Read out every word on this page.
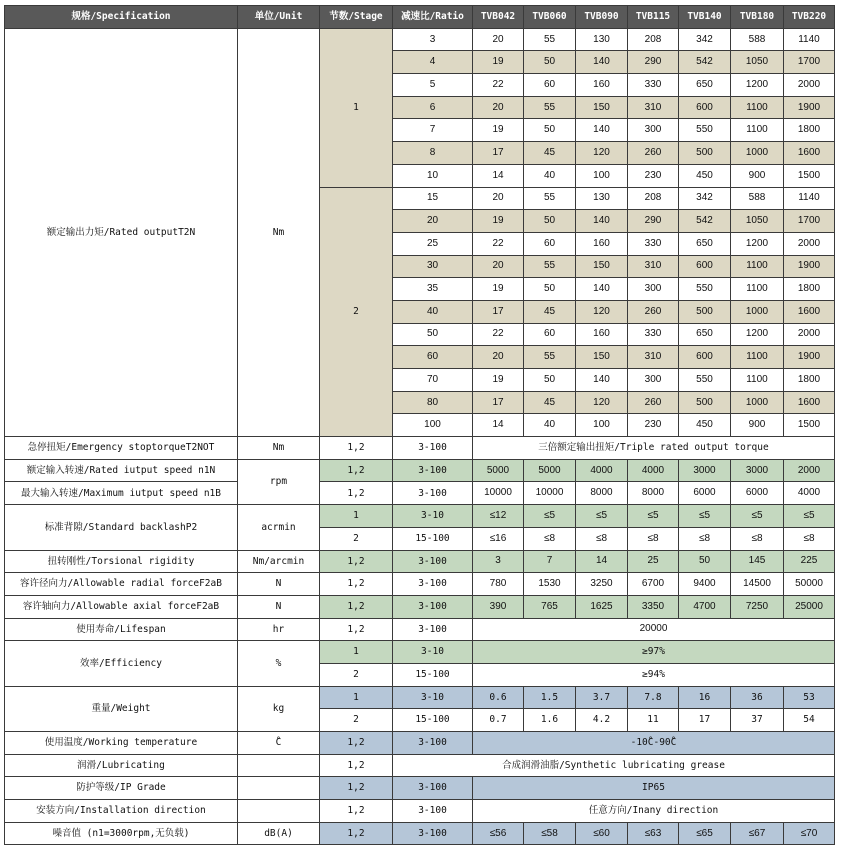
规格/Specification	单位/Unit	节数/Stage	减速比/Ratio	TVB042	TVB060	TVB090	TVB115	TVB140	TVB180	TVB220
额定输出力矩/Rated outputT2N	Nm	1	3	20	55	130	208	342	588	1140
			4	19	50	140	290	542	1050	1700
			5	22	60	160	330	650	1200	2000
			6	20	55	150	310	600	1100	1900
			7	19	50	140	300	550	1100	1800
			8	17	45	120	260	500	1000	1600
			10	14	40	100	230	450	900	1500
		2	15	20	55	130	208	342	588	1140
			20	19	50	140	290	542	1050	1700
			25	22	60	160	330	650	1200	2000
			30	20	55	150	310	600	1100	1900
			35	19	50	140	300	550	1100	1800
			40	17	45	120	260	500	1000	1600
			50	22	60	160	330	650	1200	2000
			60	20	55	150	310	600	1100	1900
			70	19	50	140	300	550	1100	1800
			80	17	45	120	260	500	1000	1600
			100	14	40	100	230	450	900	1500
急停扭矩/Emergency stoptorqueT2NOT	Nm	1,2	3-100	三倍额定输出扭矩/Triple rated output torque						
额定输入转速/Rated iutput speed n1N	rpm	1,2	3-100	5000	5000	4000	4000	3000	3000	2000
最大输入转速/Maximum iutput speed n1B		1,2	3-100	10000	10000	8000	8000	6000	6000	4000
标准背隙/Standard backlashP2	acrmin	1	3-10	≤12	≤5	≤5	≤5	≤5	≤5	≤5
		2	15-100	≤16	≤8	≤8	≤8	≤8	≤8	≤8
扭转刚性/Torsional rigidity	Nm/arcmin	1,2	3-100	3	7	14	25	50	145	225
容许径向力/Allowable radial forceF2aB	N	1,2	3-100	780	1530	3250	6700	9400	14500	50000
容许轴向力/Allowable axial forceF2aB	N	1,2	3-100	390	765	1625	3350	4700	7250	25000
使用寿命/Lifespan	hr	1,2	3-100	20000						
效率/Efficiency	%	1	3-10	≥97%						
		2	15-100	≥94%						
重量/Weight	kg	1	3-10	0.6	1.5	3.7	7.8	16	36	53
		2	15-100	0.7	1.6	4.2	11	17	37	54
使用温度/Working temperature	̊C	1,2	3-100	-10̊C-90̊C						
润滑/Lubricating		1,2	合成润滑油脂/Synthetic lubricating grease							
防护等级/IP Grade		1,2	3-100	IP65						
安装方向/Installation direction		1,2	3-100	任意方向/Inany direction						
噪音值 (n1=3000rpm,无负载)	dB(A)	1,2	3-100	≤56	≤58	≤60	≤63	≤65	≤67	≤70
